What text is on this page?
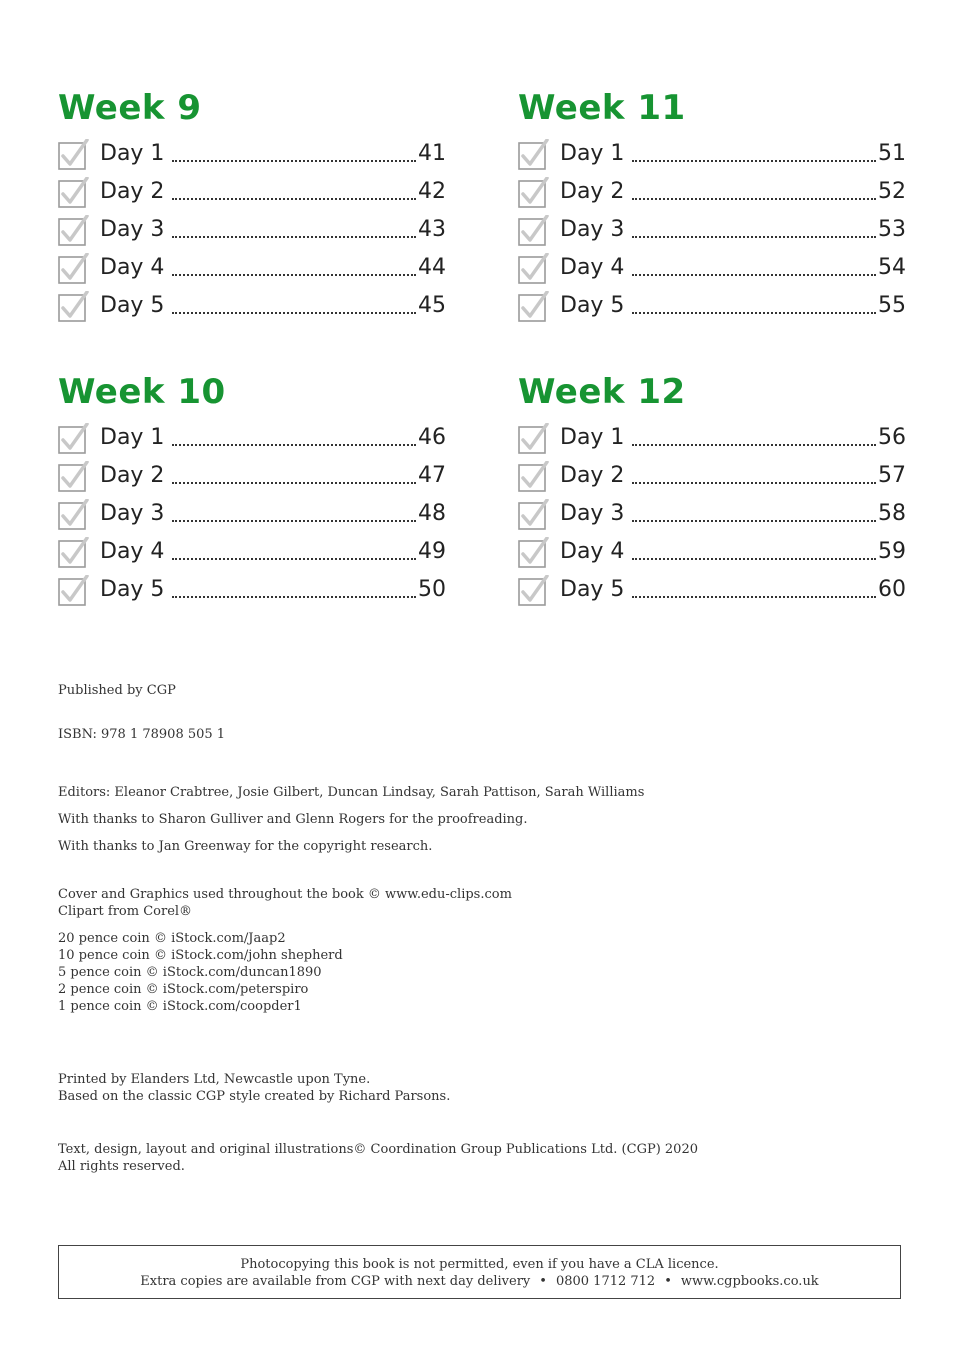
Week 9
Day 1	41
Day 2	42
Day 3	43
Day 4	44
Day 5	45
Week 11
Day 1	51
Day 2	52
Day 3	53
Day 4	54
Day 5	55
Week 10
Day 1	46
Day 2	47
Day 3	48
Day 4	49
Day 5	50
Week 12
Day 1	56
Day 2	57
Day 3	58
Day 4	59
Day 5	60

Published by CGP

ISBN: 978 1 78908 505 1

Editors: Eleanor Crabtree, Josie Gilbert, Duncan Lindsay, Sarah Pattison, Sarah Williams

With thanks to Sharon Gulliver and Glenn Rogers for the proofreading.

With thanks to Jan Greenway for the copyright research.

Cover and Graphics used throughout the book © www.edu-clips.com

Clipart from Corel®

20 pence coin © iStock.com/Jaap2

10 pence coin © iStock.com/john shepherd

5 pence coin © iStock.com/duncan1890

2 pence coin © iStock.com/peterspiro

1 pence coin © iStock.com/coopder1

Printed by Elanders Ltd, Newcastle upon Tyne.

Based on the classic CGP style created by Richard Parsons.

Text, design, layout and original illustrations© Coordination Group Publications Ltd. (CGP) 2020

All rights reserved.

Photocopying this book is not permitted, even if you have a CLA licence.
Extra copies are available from CGP with next day delivery • 0800 1712 712 • www.cgpbooks.co.uk
